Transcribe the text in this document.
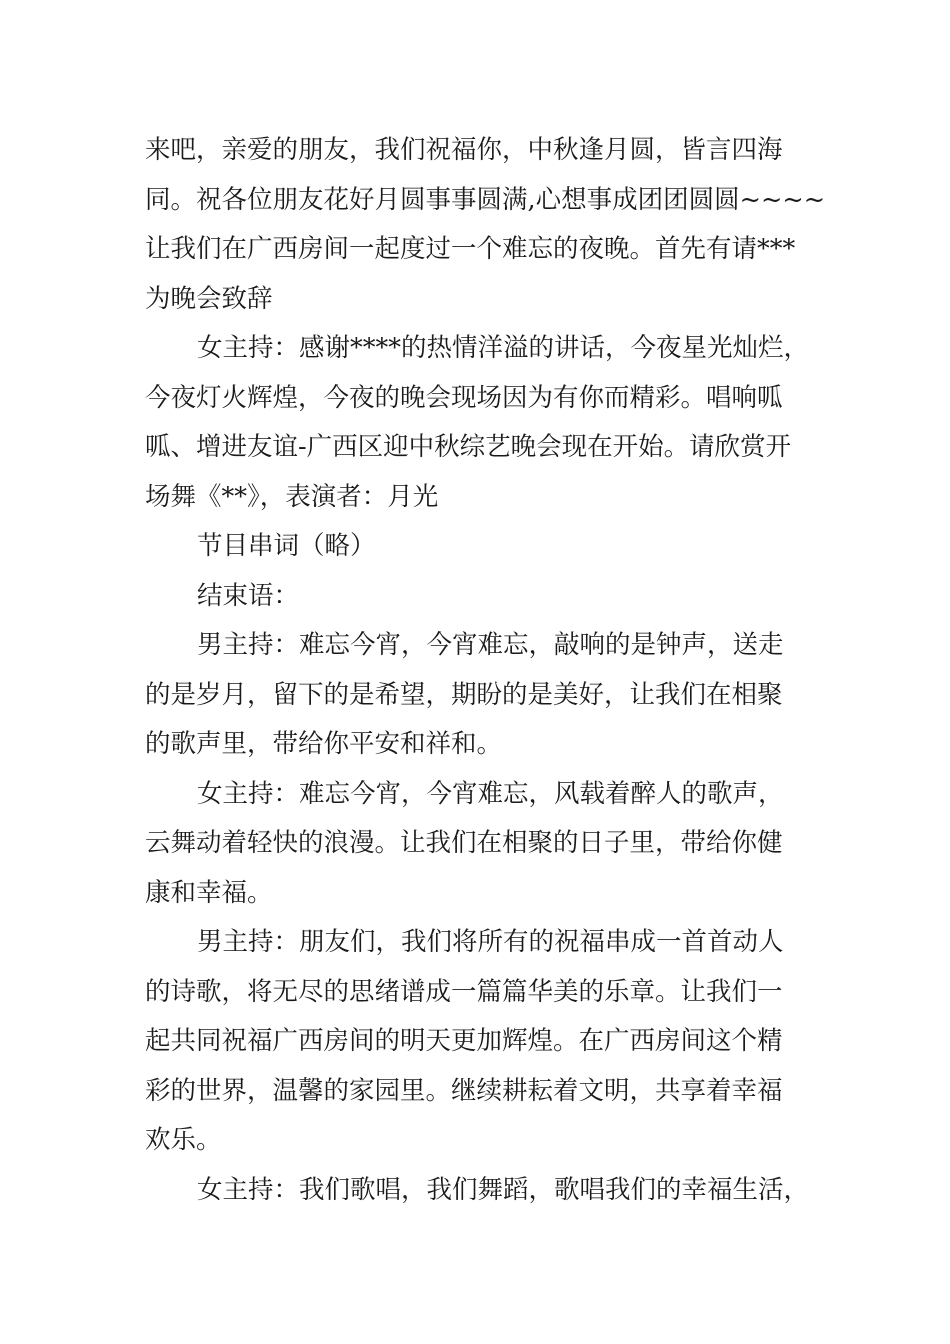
来吧，亲爱的朋友，我们祝福你，中秋逢月圆，皆言四海
同。祝各位朋友花好月圆事事圆满,心想事成团团圆圆~~~~
让我们在广西房间一起度过一个难忘的夜晚。首先有请***
为晚会致辞
女主持：感谢****的热情洋溢的讲话，今夜星光灿烂，
今夜灯火辉煌，今夜的晚会现场因为有你而精彩。唱响呱
呱、增进友谊-广西区迎中秋综艺晚会现在开始。请欣赏开
场舞《**》，表演者：月光
节目串词（略）
结束语：
男主持：难忘今宵，今宵难忘，敲响的是钟声，送走
的是岁月，留下的是希望，期盼的是美好，让我们在相聚
的歌声里，带给你平安和祥和。
女主持：难忘今宵，今宵难忘，风载着醉人的歌声，
云舞动着轻快的浪漫。让我们在相聚的日子里，带给你健
康和幸福。
男主持：朋友们，我们将所有的祝福串成一首首动人
的诗歌，将无尽的思绪谱成一篇篇华美的乐章。让我们一
起共同祝福广西房间的明天更加辉煌。在广西房间这个精
彩的世界，温馨的家园里。继续耕耘着文明，共享着幸福
欢乐。
女主持：我们歌唱，我们舞蹈，歌唱我们的幸福生活，
